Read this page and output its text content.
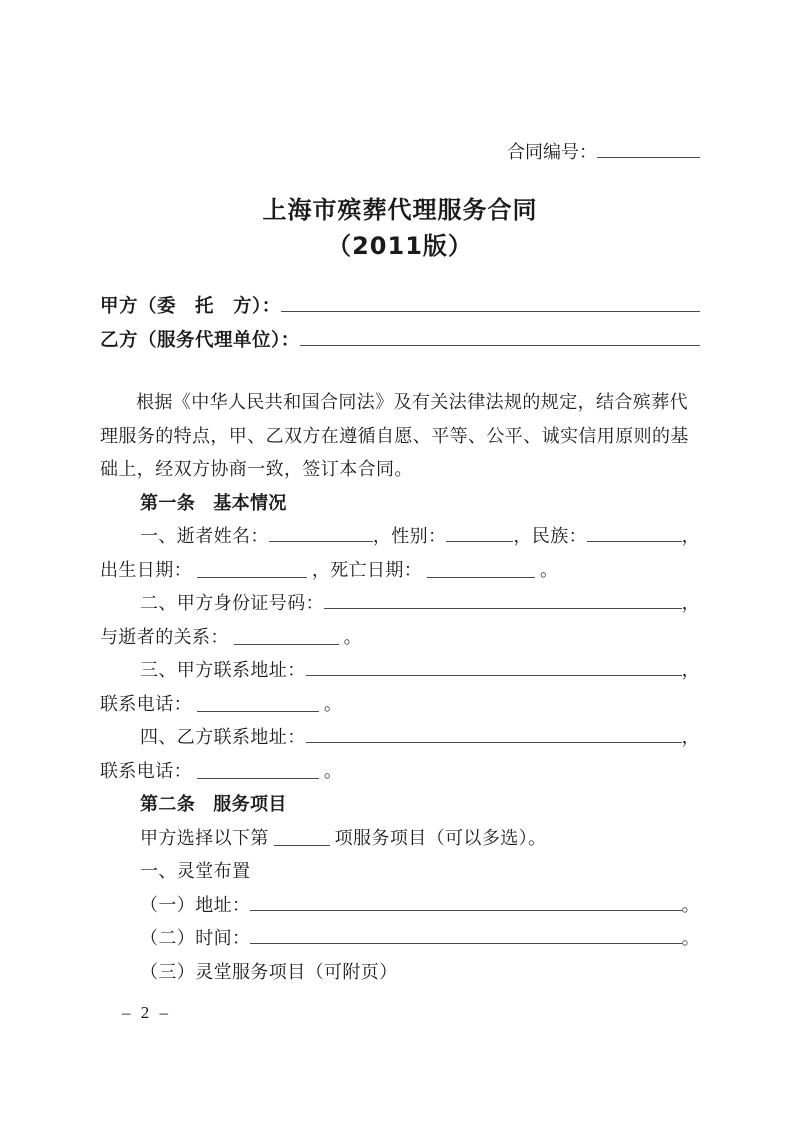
合同编号：
上海市殡葬代理服务合同
（2011版）
甲方（委　托　方）：
乙方（服务代理单位）：
根据《中华人民共和国合同法》及有关法律法规的规定，结合殡葬代
理服务的特点，甲、乙双方在遵循自愿、平等、公平、诚实信用原则的基
础上，经双方协商一致，签订本合同。
第一条 基本情况
一、逝者姓名：	，性别：	，民族：	，
出生日期：	，死亡日期：	。
二、甲方身份证号码：	，
与逝者的关系：	。
三、甲方联系地址：	，
联系电话：	。
四、乙方联系地址：	，
联系电话：	。
第二条 服务项目
甲方选择以下第	项服务项目（可以多选）。
一、灵堂布置
（一）地址：	。
（二）时间：	。
（三）灵堂服务项目（可附页）
– 2 –
